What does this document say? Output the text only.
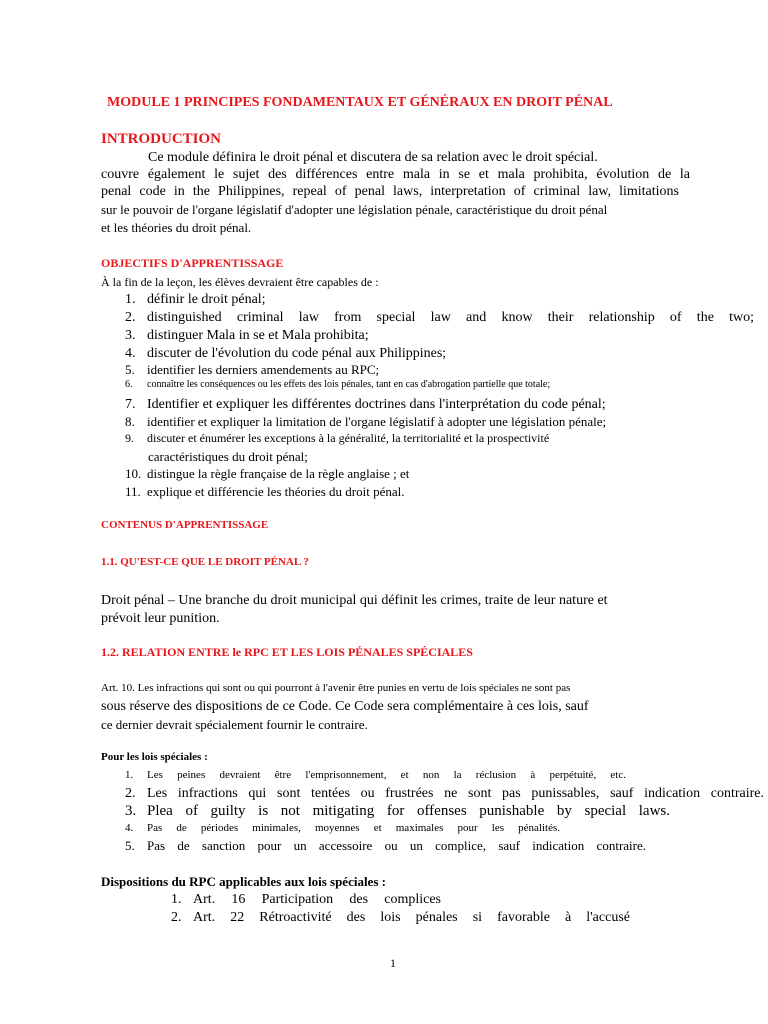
MODULE 1 PRINCIPES FONDAMENTAUX ET GÉNÉRAUX EN DROIT PÉNAL
INTRODUCTION
Ce module définira le droit pénal et discutera de sa relation avec le droit spécial.
couvre également le sujet des différences entre mala in se et mala prohibita, évolution de la
penal code in the Philippines, repeal of penal laws, interpretation of criminal law, limitations
sur le pouvoir de l'organe législatif d'adopter une législation pénale, caractéristique du droit pénal
et les théories du droit pénal.
OBJECTIFS D'APPRENTISSAGE
À la fin de la leçon, les élèves devraient être capables de :
1. définir le droit pénal;
2. distinguished criminal law from special law and know their relationship of the two;
3. distinguer Mala in se et Mala prohibita;
4. discuter de l'évolution du code pénal aux Philippines;
5. identifier les derniers amendements au RPC;
6. connaître les conséquences ou les effets des lois pénales, tant en cas d'abrogation partielle que totale;
7. Identifier et expliquer les différentes doctrines dans l'interprétation du code pénal;
8. identifier et expliquer la limitation de l'organe législatif à adopter une législation pénale;
9. discuter et énumérer les exceptions à la généralité, la territorialité et la prospectivité
caractéristiques du droit pénal;
10. distingue la règle française de la règle anglaise ; et
11. explique et différencie les théories du droit pénal.
CONTENUS D'APPRENTISSAGE
1.1. QU'EST-CE QUE LE DROIT PÉNAL ?
Droit pénal – Une branche du droit municipal qui définit les crimes, traite de leur nature et
prévoit leur punition.
1.2. RELATION ENTRE le RPC ET LES LOIS PÉNALES SPÉCIALES
Art. 10. Les infractions qui sont ou qui pourront à l'avenir être punies en vertu de lois spéciales ne sont pas
sous réserve des dispositions de ce Code. Ce Code sera complémentaire à ces lois, sauf
ce dernier devrait spécialement fournir le contraire.
Pour les lois spéciales :
1. Les peines devraient être l'emprisonnement, et non la réclusion à perpétuité, etc.
2. Les infractions qui sont tentées ou frustrées ne sont pas punissables, sauf indication contraire.
3. Plea of guilty is not mitigating for offenses punishable by special laws.
4. Pas de périodes minimales, moyennes et maximales pour les pénalités.
5. Pas de sanction pour un accessoire ou un complice, sauf indication contraire.
Dispositions du RPC applicables aux lois spéciales :
1. Art. 16 Participation des complices
2. Art. 22 Rétroactivité des lois pénales si favorable à l'accusé
1
